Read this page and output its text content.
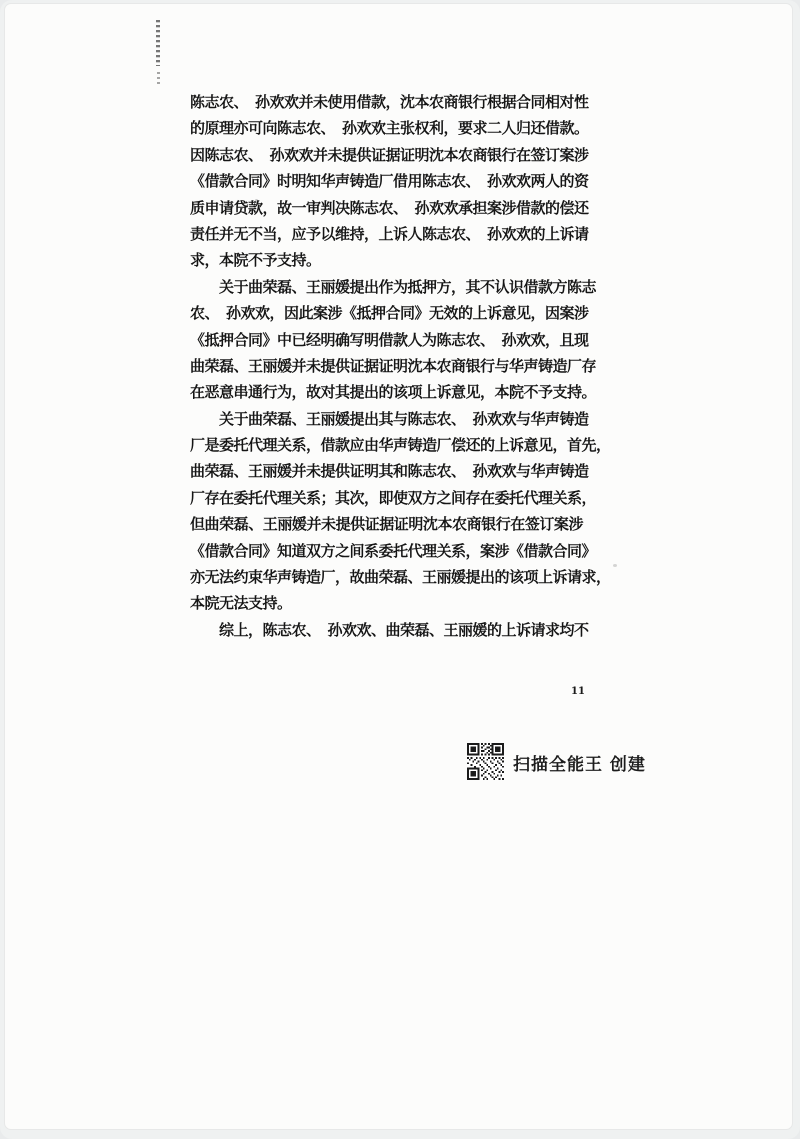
陈志农、　孙欢欢并未使用借款，沈本农商银行根据合同相对性
的原理亦可向陈志农、　孙欢欢主张权利，要求二人归还借款。
因陈志农、　孙欢欢并未提供证据证明沈本农商银行在签订案涉
《借款合同》时明知华声铸造厂借用陈志农、　孙欢欢两人的资
质申请贷款，故一审判决陈志农、　孙欢欢承担案涉借款的偿还
责任并无不当，应予以维持，上诉人陈志农、　孙欢欢的上诉请
求，本院不予支持。
关于曲荣磊、王丽媛提出作为抵押方，其不认识借款方陈志
农、　孙欢欢，因此案涉《抵押合同》无效的上诉意见，因案涉
《抵押合同》中已经明确写明借款人为陈志农、　孙欢欢，且现
曲荣磊、王丽媛并未提供证据证明沈本农商银行与华声铸造厂存
在恶意串通行为，故对其提出的该项上诉意见，本院不予支持。
关于曲荣磊、王丽媛提出其与陈志农、　孙欢欢与华声铸造
厂是委托代理关系，借款应由华声铸造厂偿还的上诉意见，首先，
曲荣磊、王丽媛并未提供证明其和陈志农、　孙欢欢与华声铸造
厂存在委托代理关系；其次，即使双方之间存在委托代理关系，
但曲荣磊、王丽媛并未提供证据证明沈本农商银行在签订案涉
《借款合同》知道双方之间系委托代理关系，案涉《借款合同》
亦无法约束华声铸造厂，故曲荣磊、王丽媛提出的该项上诉请求，
本院无法支持。
综上，陈志农、　孙欢欢、曲荣磊、王丽媛的上诉请求均不
11
扫描全能王 创建
